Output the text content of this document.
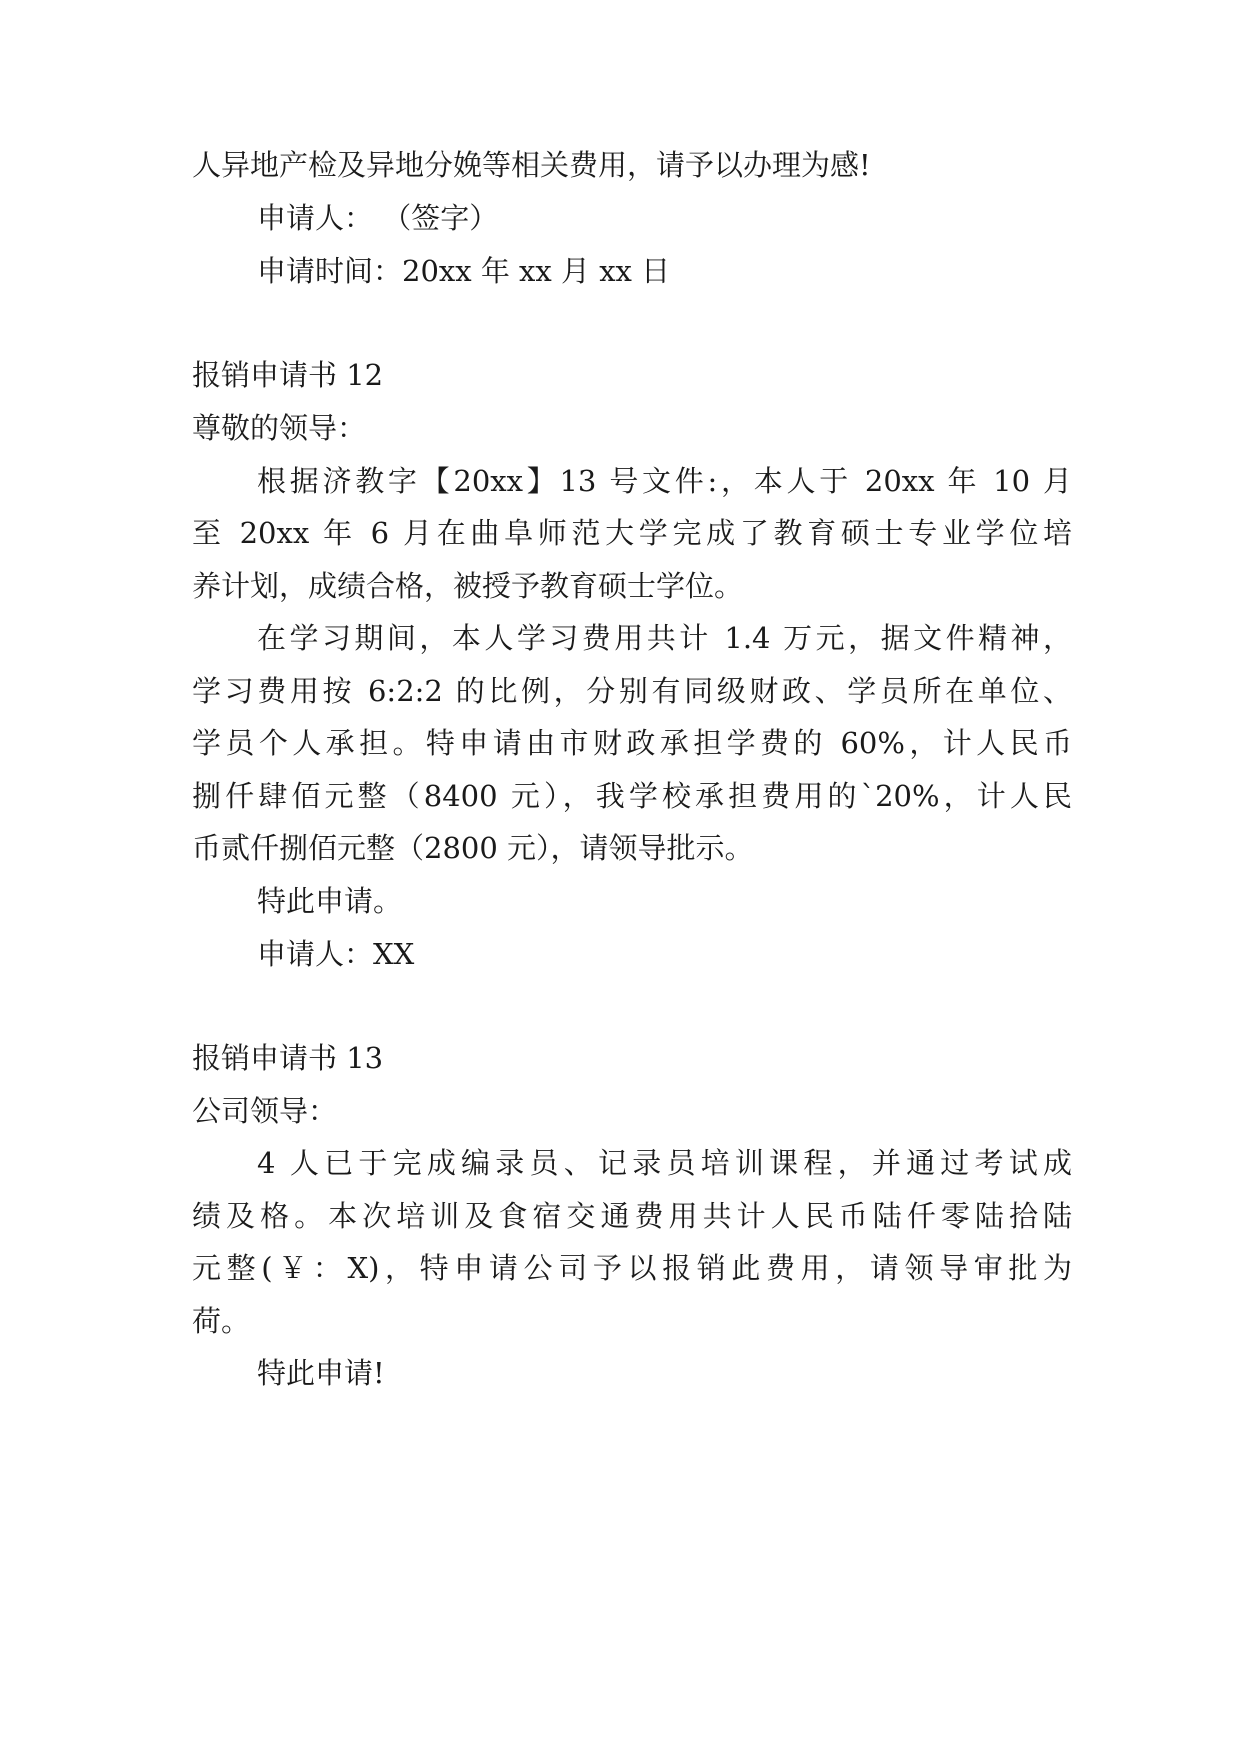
人异地产检及异地分娩等相关费用，请予以办理为感!
申请人： （签字）
申请时间：20xx 年 xx 月 xx 日
报销申请书 12
尊敬的领导：
根据济教字【20xx】13 号文件:，本人于 20xx 年 10 月
至 20xx 年 6 月在曲阜师范大学完成了教育硕士专业学位培
养计划，成绩合格，被授予教育硕士学位。
在学习期间，本人学习费用共计 1.4 万元，据文件精神，
学习费用按 6:2:2 的比例，分别有同级财政、学员所在单位、
学员个人承担。特申请由市财政承担学费的 60%，计人民币
捌仟肆佰元整（8400 元），我学校承担费用的`20%，计人民
币贰仟捌佰元整（2800 元），请领导批示。
特此申请。
申请人：XX
报销申请书 13
公司领导：
4 人已于完成编录员、记录员培训课程，并通过考试成
绩及格。本次培训及食宿交通费用共计人民币陆仟零陆拾陆
元整(￥：X)，特申请公司予以报销此费用，请领导审批为
荷。
特此申请!
